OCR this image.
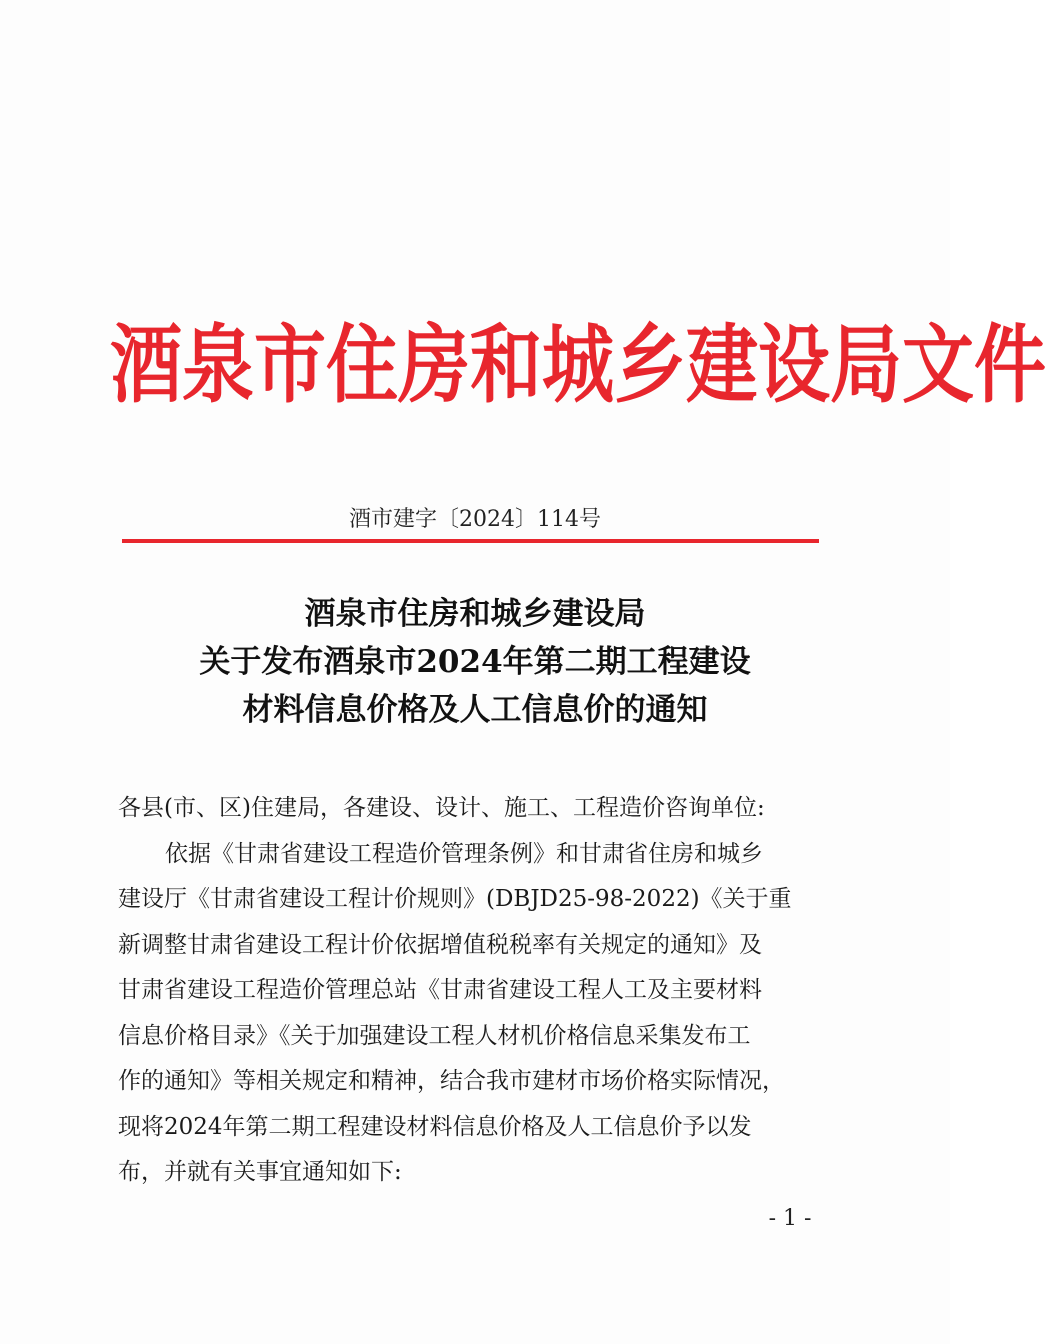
酒泉市住房和城乡建设局文件
酒市建字〔2024〕114号
酒泉市住房和城乡建设局
关于发布酒泉市2024年第二期工程建设
材料信息价格及人工信息价的通知
各县(市、区)住建局，各建设、设计、施工、工程造价咨询单位:
依据《甘肃省建设工程造价管理条例》和甘肃省住房和城乡
建设厅《甘肃省建设工程计价规则》(DBJD25-98-2022)《关于重
新调整甘肃省建设工程计价依据增值税税率有关规定的通知》及
甘肃省建设工程造价管理总站《甘肃省建设工程人工及主要材料
信息价格目录》《关于加强建设工程人材机价格信息采集发布工
作的通知》等相关规定和精神，结合我市建材市场价格实际情况，
现将2024年第二期工程建设材料信息价格及人工信息价予以发
布，并就有关事宜通知如下:
- 1 -
